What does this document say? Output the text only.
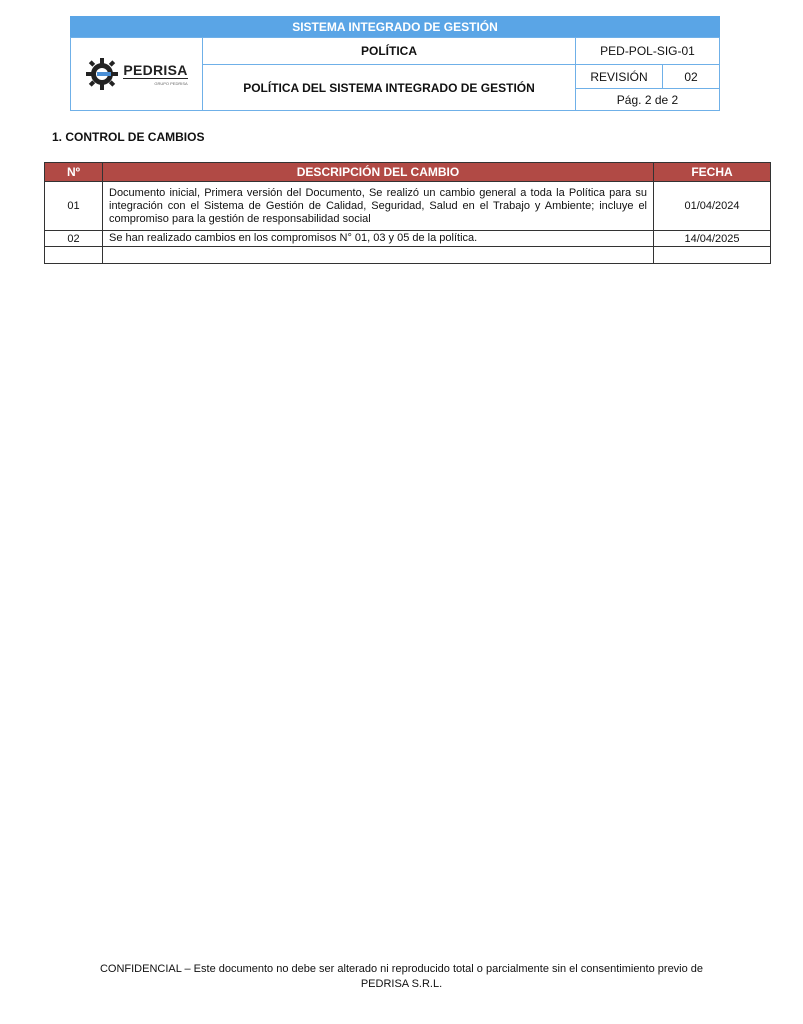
SISTEMA INTEGRADO DE GESTIÓN
PEDRISA
GRUPO PEDRISA	POLÍTICA	PED-POL-SIG-01	
	POLÍTICA DEL SISTEMA INTEGRADO DE GESTIÓN	REVISIÓN	02
		Pág. 2 de 2	
1. CONTROL DE CAMBIOS
Nº	DESCRIPCIÓN DEL CAMBIO	FECHA
01	Documento inicial, Primera versión del Documento, Se realizó un cambio general a toda la Política para su integración con el Sistema de Gestión de Calidad, Seguridad, Salud en el Trabajo y Ambiente; incluye el compromiso para la gestión de responsabilidad social	01/04/2024
02	Se han realizado cambios en los compromisos N° 01, 03 y 05 de la política.	14/04/2025

CONFIDENCIAL – Este documento no debe ser alterado ni reproducido total o parcialmente sin el consentimiento previo de
PEDRISA S.R.L.
